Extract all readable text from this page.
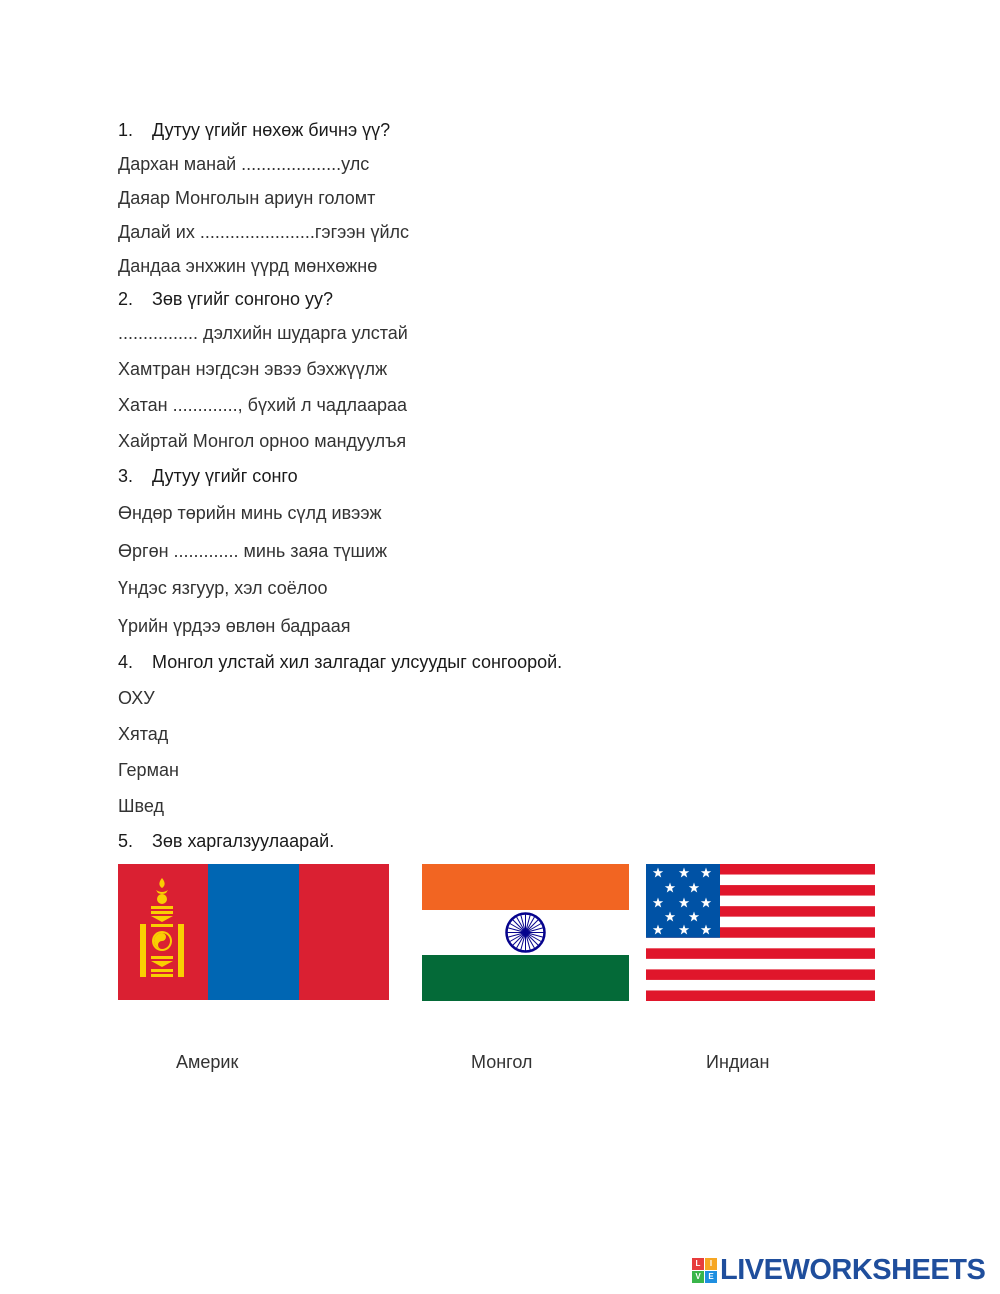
1. Дутуу үгийг нөхөж бичнэ үү?
Дархан манай ....................улс
Даяар Монголын ариун голомт
Далай их .......................гэгээн үйлс
Дандаа энхжин үүрд мөнхөжнө
2. Зөв үгийг сонгоно уу?
................ дэлхийн шударга улстай
Хамтран нэгдсэн эвээ бэхжүүлж
Хатан ............., бүхий л чадлаараа
Хайртай Монгол орноо мандуулъя
3. Дутуу үгийг сонго
Өндөр төрийн минь сүлд ивээж
Өргөн ............. минь заяа түшиж
Үндэс язгуур, хэл соёлоо
Үрийн үрдээ өвлөн бадраая
4. Монгол улстай хил залгадаг улсуудыг сонгоорой.
ОХУ
Хятад
Герман
Швед
5. Зөв харгалзуулаарай.
Америк	Монгол	Индиан
L	I
V E LIVEWORKSHEETS
